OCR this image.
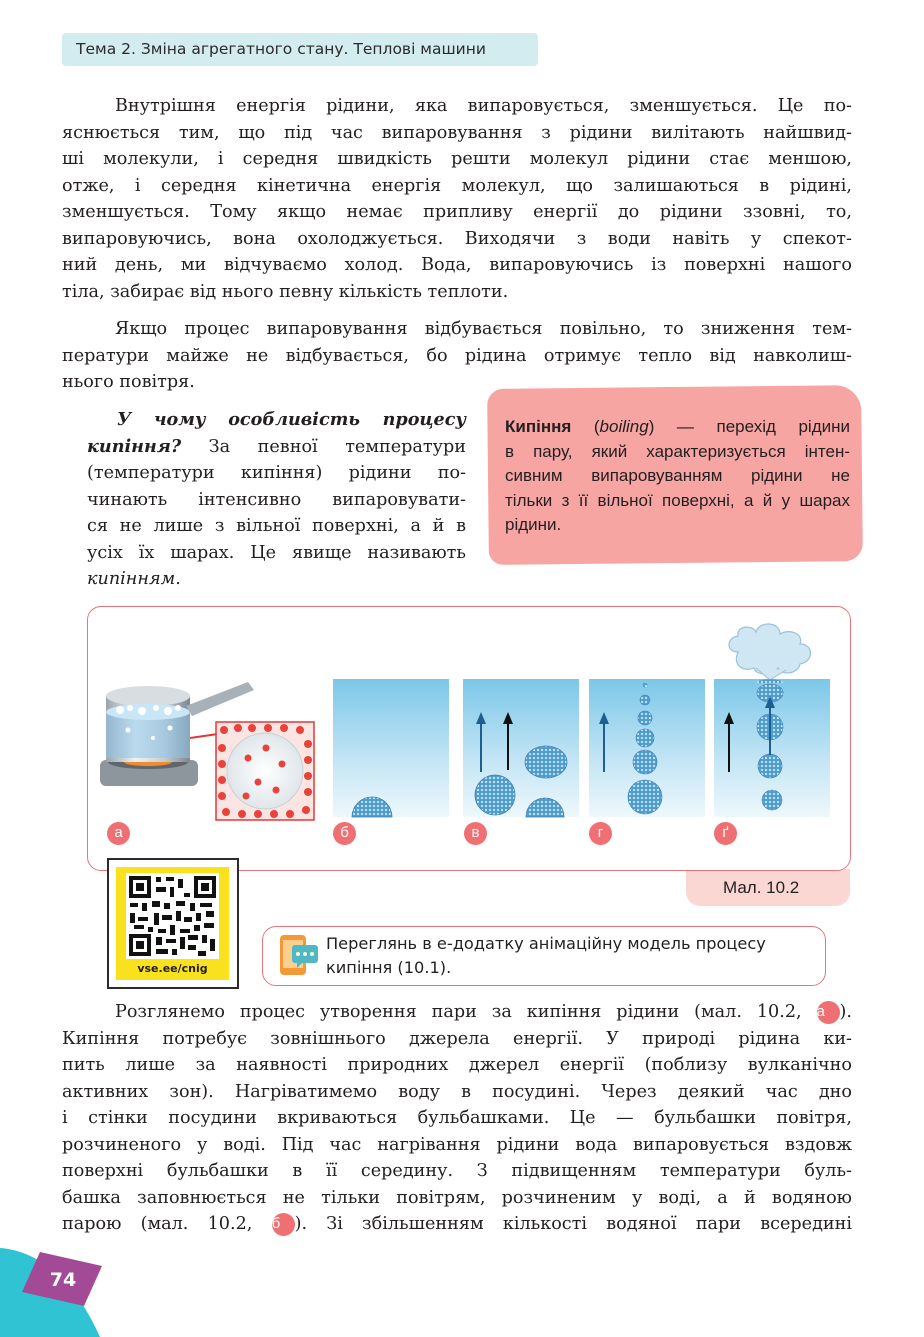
Тема 2. Зміна агрегатного стану. Теплові машини
Внутрішня енергія рідини, яка випаровується, зменшується. Це по-
яснюється тим, що під час випаровування з рідини вилітають найшвид-
ші молекули, і середня швидкість решти молекул рідини стає меншою,
отже, і середня кінетична енергія молекул, що залишаються в рідині,
зменшується. Тому якщо немає припливу енергії до рідини ззовні, то,
випаровуючись, вона охолоджується. Виходячи з води навіть у спекот-
ний день, ми відчуваємо холод. Вода, випаровуючись із поверхні нашого
тіла, забирає від нього певну кількість теплоти.
Якщо процес випаровування відбувається повільно, то зниження тем-
ператури майже не відбувається, бо рідина отримує тепло від навколиш-
нього повітря.
У чому особливість процесу
кипіння? За певної температури
(температури кипіння) рідини по-
чинають інтенсивно випаровувати-
ся не лише з вільної поверхні, а й в
усіх їх шарах. Це явище називають
кипінням.
Кипіння (boiling) — перехід рідини
в пару, який характеризується інтен-
сивним випаровуванням рідини не
тільки з її вільної поверхні, а й у шарах
рідини.
Мал. 10.2
а	б	в	г	ґ
vse.ee/cnig
Переглянь в е-додатку анімаційну модель процесу
кипіння (10.1).
Розглянемо процес утворення пари за кипіння рідини (мал. 10.2, а ).
Кипіння потребує зовнішнього джерела енергії. У природі рідина ки-
пить лише за наявності природних джерел енергії (поблизу вулканічно
активних зон). Нагріватимемо воду в посудині. Через деякий час дно
і стінки посудини вкриваються бульбашками. Це — бульбашки повітря,
розчиненого у воді. Під час нагрівання рідини вода випаровується вздовж
поверхні бульбашки в її середину. З підвищенням температури буль-
башка заповнюється не тільки повітрям, розчиненим у воді, а й водяною
парою (мал. 10.2, б ). Зі збільшенням кількості водяної пари всередині
74
